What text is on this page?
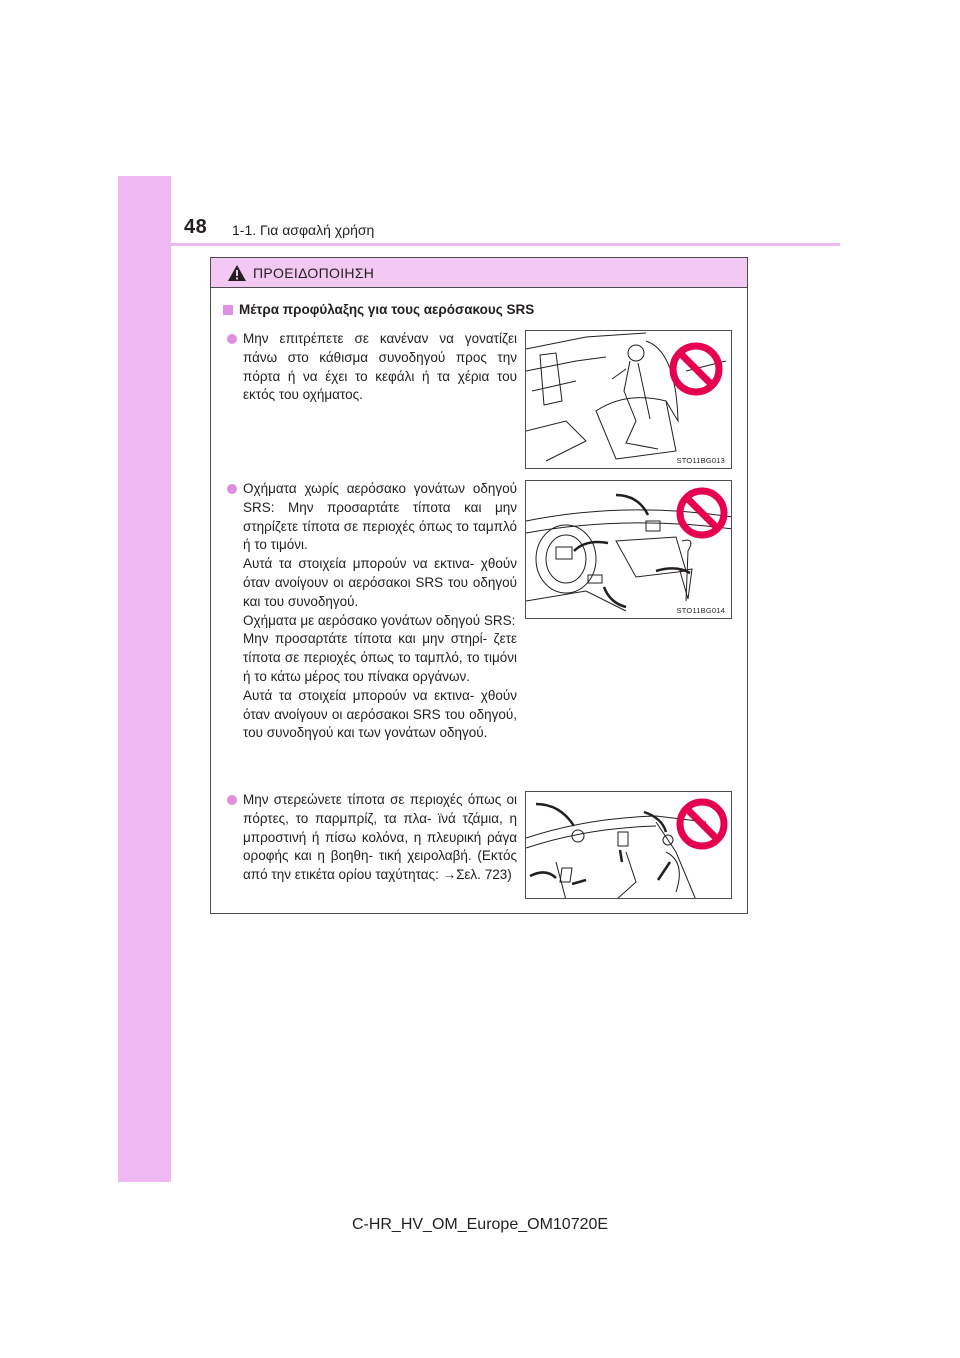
48 1-1. Για ασφαλή χρήση
ΠΡΟΕΙΔΟΠΟΙΗΣΗ
Μέτρα προφύλαξης για τους αερόσακους SRS
Μην επιτρέπετε σε κανέναν να γονατίζει πάνω στο κάθισμα συνοδηγού προς την πόρτα ή να έχει το κεφάλι ή τα χέρια του εκτός του οχήματος.
STO11BG013
Οχήματα χωρίς αερόσακο γονάτων οδηγού SRS: Μην προσαρτάτε τίποτα και μην στηρίζετε τίποτα σε περιοχές όπως το ταμπλό ή το τιμόνι.
Αυτά τα στοιχεία μπορούν να εκτινα- χθούν όταν ανοίγουν οι αερόσακοι SRS του οδηγού και του συνοδηγού.
Οχήματα με αερόσακο γονάτων οδηγού SRS:
Μην προσαρτάτε τίποτα και μην στηρί- ζετε τίποτα σε περιοχές όπως το ταμπλό, το τιμόνι ή το κάτω μέρος του πίνακα οργάνων.
Αυτά τα στοιχεία μπορούν να εκτινα- χθούν όταν ανοίγουν οι αερόσακοι SRS του οδηγού, του συνοδηγού και των γονάτων οδηγού.
STO11BG014
Μην στερεώνετε τίποτα σε περιοχές όπως οι πόρτες, το παρμπρίζ, τα πλα- ϊνά τζάμια, η μπροστινή ή πίσω κολόνα, η πλευρική ράγα οροφής και η βοηθη- τική χειρολαβή. (Εκτός από την ετικέτα ορίου ταχύτητας: →Σελ. 723)
C-HR_HV_OM_Europe_OM10720E
